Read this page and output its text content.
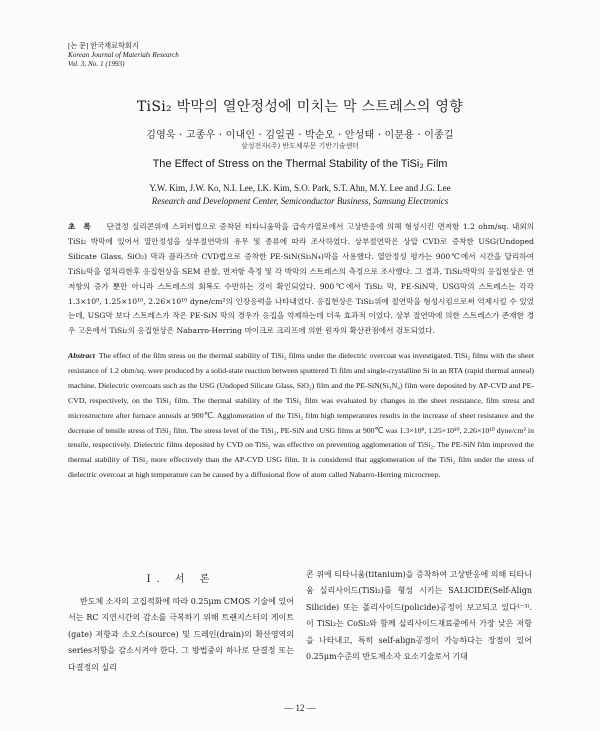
[논 문] 한국재료학회지
Korean Journal of Materials Research
Vol. 3, No. 1 (1993)
TiSi₂ 박막의 열안정성에 미치는 막 스트레스의 영향
김영욱 · 고종우 · 이내인 · 김일권 · 박순오 · 안성태 · 이문용 · 이종길
삼성전자(주) 반도체부문 기반기술센터
The Effect of Stress on the Thermal Stability of the TiSi₂ Film
Y.W. Kim, J.W. Ko, N.I. Lee, I.K. Kim, S.O. Park, S.T. Ahn, M.Y. Lee and J.G. Lee
Research and Development Center, Semiconductor Business, Samsung Electronics
초록 단결정 실리콘위에 스퍼터법으로 증착된 티타니움막을 급속가열로에서 고상반응에 의해 형성시킨 면저항 1.2 ohm/sq. 내외의 TiSi₂ 박막에 있어서 열안정성을 상부절연막의 유무 및 종류에 따라 조사하였다. 상부절연막은 상압 CVD로 증착한 USG(Undoped Silicate Glass, SiO₂) 막과 플라즈마 CVD법으로 증착한 PE-SiN(Si₃N₄)막을 사용했다. 열안정성 평가는 900℃에서 시간을 달리하여 TiSi₂막을 열처리한후 응집현상을 SEM 관찰, 면저항 측정 및 각 박막의 스트레스의 측정으로 조사했다. 그 결과, TiSi₂박막의 응집현상은 면저항의 증가 뿐만 아니라 스트레스의 회복도 수반하는 것이 확인되었다. 900℃에서 TiSi₂ 막, PE-SiN막, USG막의 스트레스는 각각 1.3×10⁹, 1.25×10¹⁰, 2.26×10¹⁰ dyne/cm²의 인장응력을 나타내었다. 응집현상은 TiSi₂위에 절연막을 형성시킴으로써 억제시킬 수 있었는데, USG막 보다 스트레스가 작은 PE-SiN 막의 경우가 응집을 억제하는데 더욱 효과적 이었다. 상부 절연막에 의한 스트레스가 존재한 경우 고온에서 TiSi₂의 응집현상은 Nabarro-Herring 마이크로 크리프에 의한 원자의 확산관점에서 검토되었다.
Abstract The effect of the film stress on the thermal stability of TiSi₂ films under the dielectric overcoat was investigated. TiSi₂ films with the sheet resistance of 1.2 ohm/sq. were produced by a solid-state reaction between sputtered Ti film and single-crystalline Si in an RTA (rapid thermal anneal) machine. Dielectric overcoats such as the USG (Undoped Silicate Glass, SiO₂) film and the PE-SiN(Si₃N₄) film were deposited by AP-CVD and PE-CVD, respectively, on the TiSi₂ film. The thermal stability of the TiSi₂ film was evaluated by changes in the sheet resistance, film stress and microstructure after furnace anneals at 900℃. Agglomeration of the TiSi₂ film high temperatures results in the increase of sheet resistance and the decrease of tensile stress of TiSi₂ film. The stress level of the TiSi₂, PE-SiN and USG films at 900℃ was 1.3×10⁹, 1.25×10¹⁰, 2.26×10¹⁰ dyne/cm² in tensile, respectively. Dielectric films deposited by CVD on TiSi₂ was effective on preventing agglomeration of TiSi₂. The PE-SiN film improved the thermal stability of TiSi₂ more effectively than the AP-CVD USG film. It is considered that agglomeration of the TiSi₂ film under the stress of dielectric overcoat at high temperature can be caused by a diffusional flow of atom called Nabarro-Herring microcreep.
I. 서 론
반도체 소자의 고집적화에 따라 0.25μm CMOS 기술에 있어서는 RC 지연시간의 감소를 극복하기 위해 트랜지스터의 게이트(gate) 저항과 소오스(source) 및 드레인(drain)의 확산영역의 series저항을 감소시켜야 한다. 그 방법중의 하나로 단결정 또는 다결정의 실리
콘 위에 티타니움(titanium)을 증착하여 고상반응에 의해 티타니움 실리사이드(TiSi₂)를 형성 시키는 SALICIDE(Self-Align Silicide) 또는 폴리사이드(policide)공정이 보고되고 있다¹⁻³⁾. 이 TiSi₂는 CoSi₂와 함께 실리사이드재료중에서 가장 낮은 저항을 나타내고, 특히 self-align공정이 가능하다는 장점이 있어 0.25μm수준의 반도체소자 요소기술로서 기대
— 12 —
